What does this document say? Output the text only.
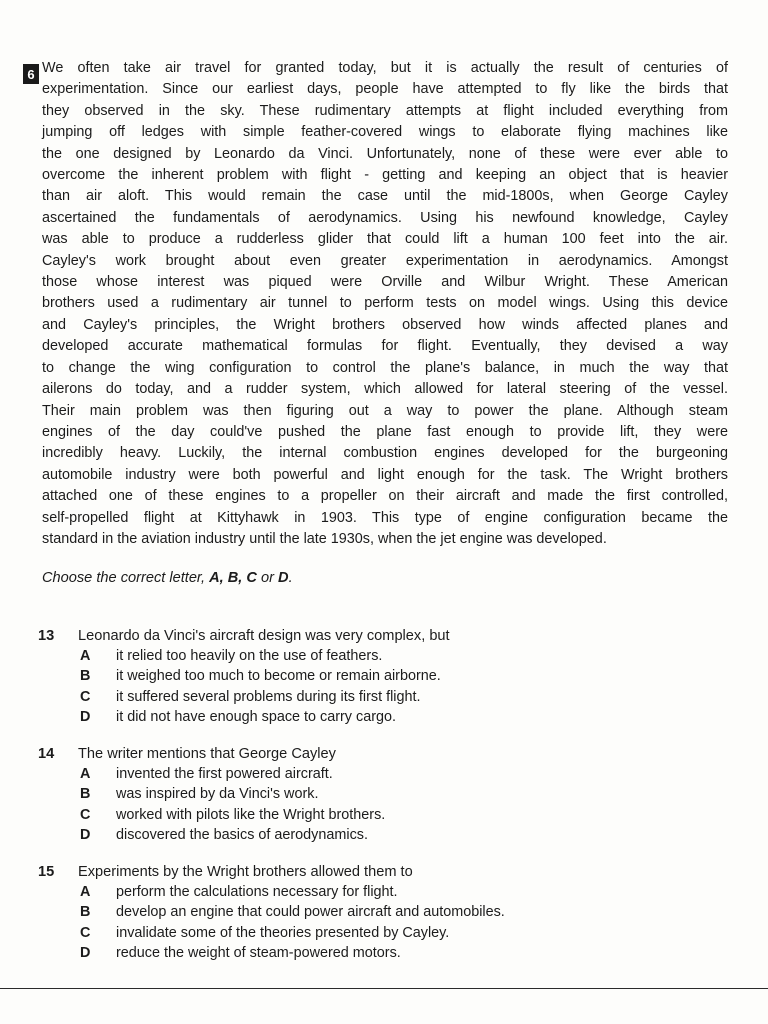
6 We often take air travel for granted today, but it is actually the result of centuries of
experimentation. Since our earliest days, people have attempted to fly like the birds that
they observed in the sky. These rudimentary attempts at flight included everything from
jumping off ledges with simple feather-covered wings to elaborate flying machines like
the one designed by Leonardo da Vinci. Unfortunately, none of these were ever able to
overcome the inherent problem with flight - getting and keeping an object that is heavier
than air aloft. This would remain the case until the mid-1800s, when George Cayley
ascertained the fundamentals of aerodynamics. Using his newfound knowledge, Cayley
was able to produce a rudderless glider that could lift a human 100 feet into the air.
Cayley's work brought about even greater experimentation in aerodynamics. Amongst
those whose interest was piqued were Orville and Wilbur Wright. These American
brothers used a rudimentary air tunnel to perform tests on model wings. Using this device
and Cayley's principles, the Wright brothers observed how winds affected planes and
developed accurate mathematical formulas for flight. Eventually, they devised a way
to change the wing configuration to control the plane's balance, in much the way that
ailerons do today, and a rudder system, which allowed for lateral steering of the vessel.
Their main problem was then figuring out a way to power the plane. Although steam
engines of the day could've pushed the plane fast enough to provide lift, they were
incredibly heavy. Luckily, the internal combustion engines developed for the burgeoning
automobile industry were both powerful and light enough for the task. The Wright brothers
attached one of these engines to a propeller on their aircraft and made the first controlled,
self-propelled flight at Kittyhawk in 1903. This type of engine configuration became the
standard in the aviation industry until the late 1930s, when the jet engine was developed.
Choose the correct letter, A, B, C or D.
13	Leonardo da Vinci's aircraft design was very complex, but
A	it relied too heavily on the use of feathers.
B	it weighed too much to become or remain airborne.
C	it suffered several problems during its first flight.
D	it did not have enough space to carry cargo.
14	The writer mentions that George Cayley
A	invented the first powered aircraft.
B	was inspired by da Vinci's work.
C	worked with pilots like the Wright brothers.
D	discovered the basics of aerodynamics.
15	Experiments by the Wright brothers allowed them to
A	perform the calculations necessary for flight.
B	develop an engine that could power aircraft and automobiles.
C	invalidate some of the theories presented by Cayley.
D	reduce the weight of steam-powered motors.
